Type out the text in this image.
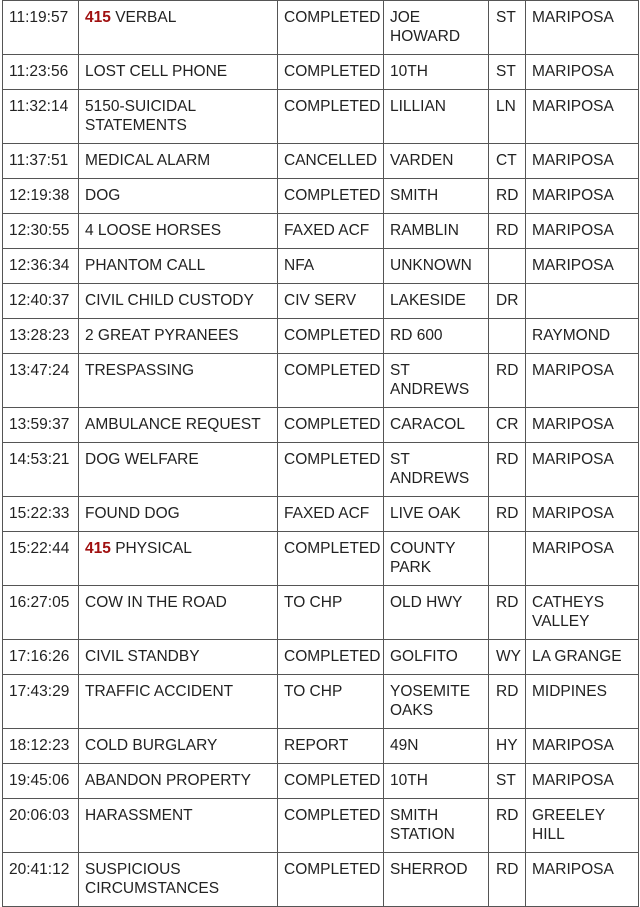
11:19:57	415 VERBAL	COMPLETED	JOE HOWARD	ST	MARIPOSA
11:23:56	LOST CELL PHONE	COMPLETED	10TH	ST	MARIPOSA
11:32:14	5150-SUICIDAL STATEMENTS	COMPLETED	LILLIAN	LN	MARIPOSA
11:37:51	MEDICAL ALARM	CANCELLED	VARDEN	CT	MARIPOSA
12:19:38	DOG	COMPLETED	SMITH	RD	MARIPOSA
12:30:55	4 LOOSE HORSES	FAXED ACF	RAMBLIN	RD	MARIPOSA
12:36:34	PHANTOM CALL	NFA	UNKNOWN		MARIPOSA
12:40:37	CIVIL CHILD CUSTODY	CIV SERV	LAKESIDE	DR	
13:28:23	2 GREAT PYRANEES	COMPLETED	RD 600		RAYMOND
13:47:24	TRESPASSING	COMPLETED	ST ANDREWS	RD	MARIPOSA
13:59:37	AMBULANCE REQUEST	COMPLETED	CARACOL	CR	MARIPOSA
14:53:21	DOG WELFARE	COMPLETED	ST ANDREWS	RD	MARIPOSA
15:22:33	FOUND DOG	FAXED ACF	LIVE OAK	RD	MARIPOSA
15:22:44	415 PHYSICAL	COMPLETED	COUNTY PARK		MARIPOSA
16:27:05	COW IN THE ROAD	TO CHP	OLD HWY	RD	CATHEYS VALLEY
17:16:26	CIVIL STANDBY	COMPLETED	GOLFITO	WY	LA GRANGE
17:43:29	TRAFFIC ACCIDENT	TO CHP	YOSEMITE OAKS	RD	MIDPINES
18:12:23	COLD BURGLARY	REPORT	49N	HY	MARIPOSA
19:45:06	ABANDON PROPERTY	COMPLETED	10TH	ST	MARIPOSA
20:06:03	HARASSMENT	COMPLETED	SMITH STATION	RD	GREELEY HILL
20:41:12	SUSPICIOUS CIRCUMSTANCES	COMPLETED	SHERROD	RD	MARIPOSA
